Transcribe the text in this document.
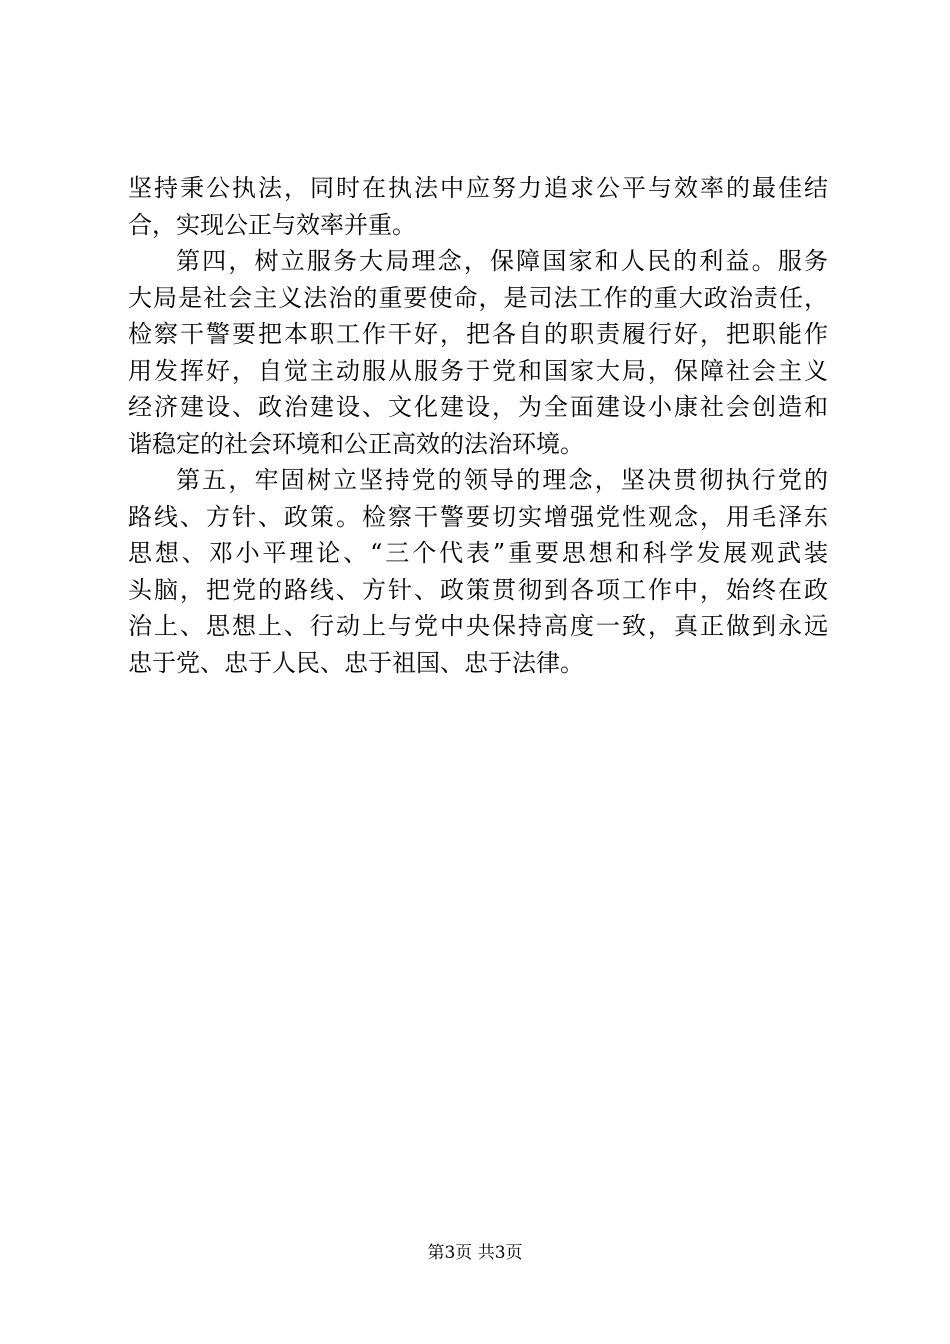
坚持秉公执法，同时在执法中应努力追求公平与效率的最佳结
合，实现公正与效率并重。
第四，树立服务大局理念，保障国家和人民的利益。服务
大局是社会主义法治的重要使命，是司法工作的重大政治责任，
检察干警要把本职工作干好，把各自的职责履行好，把职能作
用发挥好，自觉主动服从服务于党和国家大局，保障社会主义
经济建设、政治建设、文化建设，为全面建设小康社会创造和
谐稳定的社会环境和公正高效的法治环境。
第五，牢固树立坚持党的领导的理念，坚决贯彻执行党的
路线、方针、政策。检察干警要切实增强党性观念，用毛泽东
思想、邓小平理论、“三个代表”重要思想和科学发展观武装
头脑，把党的路线、方针、政策贯彻到各项工作中，始终在政
治上、思想上、行动上与党中央保持高度一致，真正做到永远
忠于党、忠于人民、忠于祖国、忠于法律。
第3页 共3页
